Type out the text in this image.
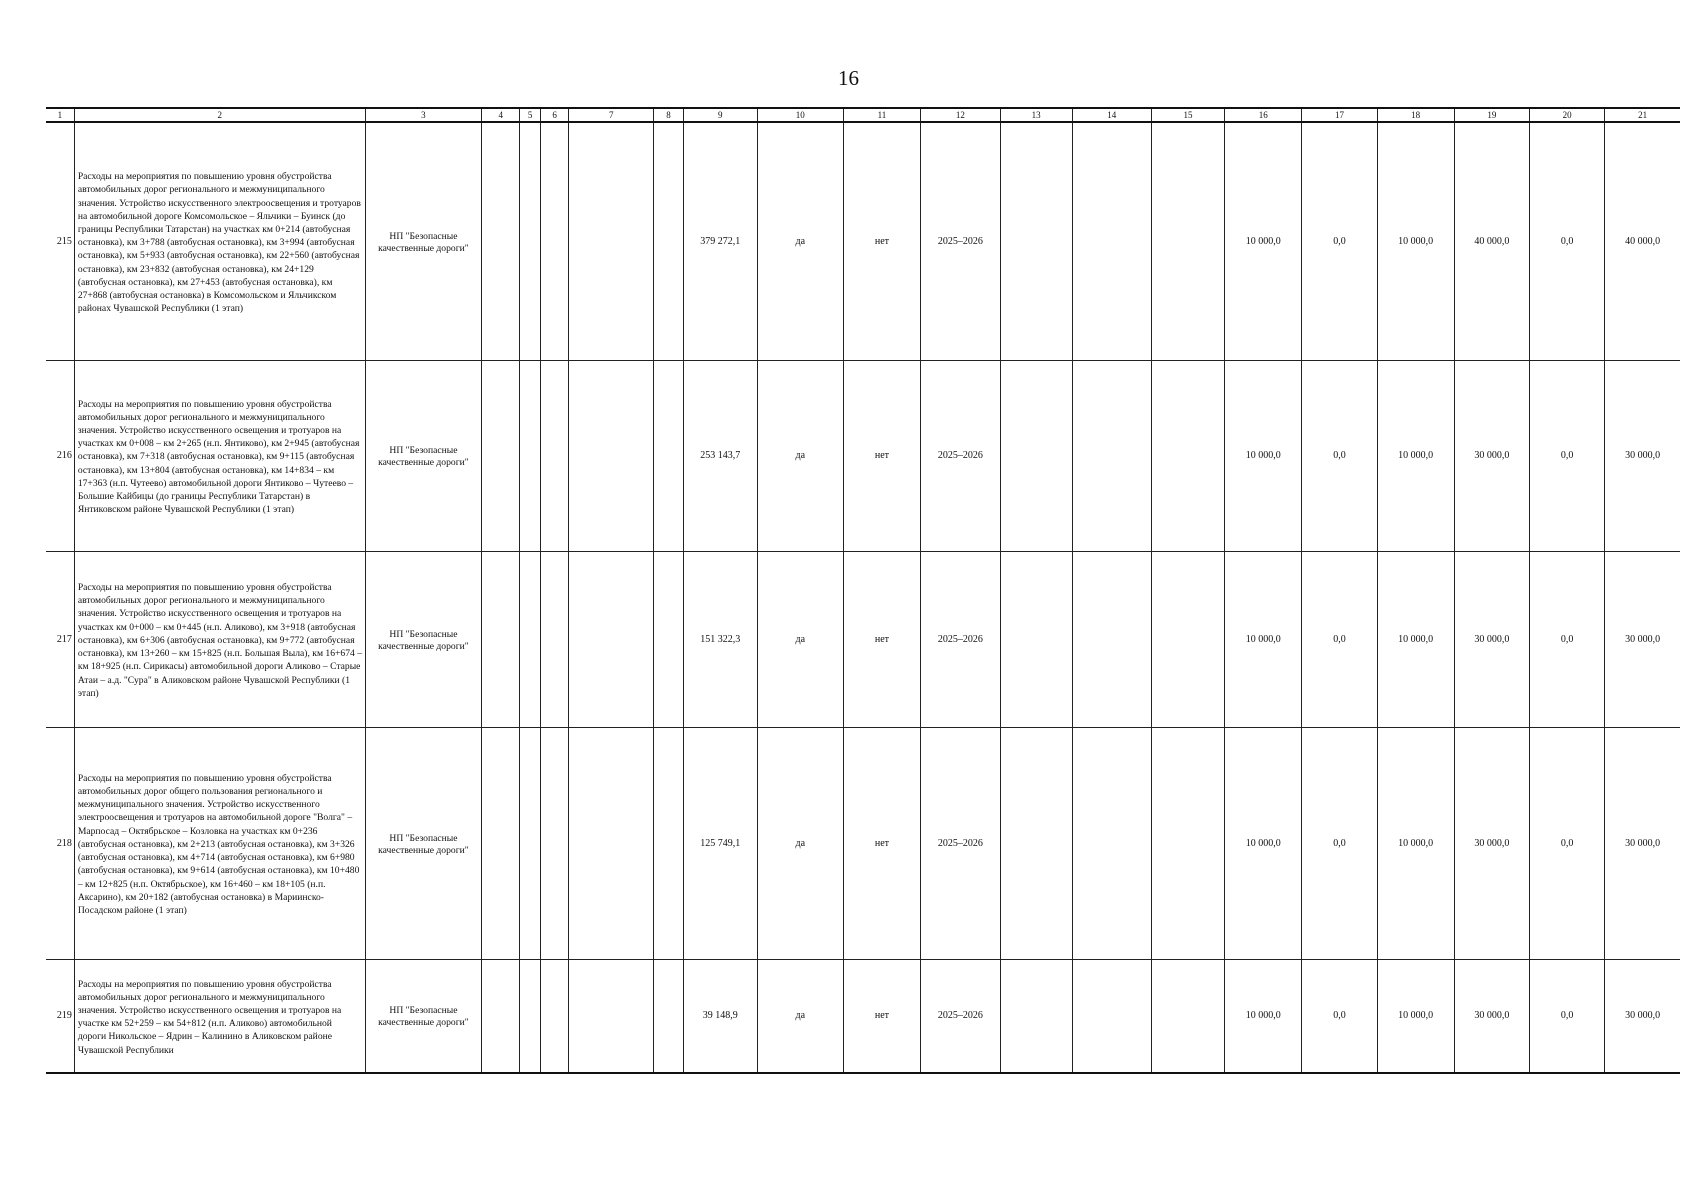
16
1	2	3	4	5	6	7	8	9	10	11	12	13	14	15	16	17	18	19	20	21
215	Расходы на мероприятия по повышению уровня обустройства автомобильных дорог регионального и межмуниципального значения. Устройство искусственного электроосвещения и тротуаров на автомобильной дороге Комсомольское – Яльчики – Буинск (до границы Республики Татарстан) на участках км 0+214 (автобусная остановка), км 3+788 (автобусная остановка), км 3+994 (автобусная остановка), км 5+933 (автобусная остановка), км 22+560 (автобусная остановка), км 23+832 (автобусная остановка), км 24+129 (автобусная остановка), км 27+453 (автобусная остановка), км 27+868 (автобусная остановка) в Комсомольском и Яльчикском районах Чувашской Республики (1 этап)	НП "Безопасные качественные дороги"						379 272,1	да	нет	2025–2026				10 000,0	0,0	10 000,0	40 000,0	0,0	40 000,0
216	Расходы на мероприятия по повышению уровня обустройства автомобильных дорог регионального и межмуниципального значения. Устройство искусственного освещения и тротуаров на участках км 0+008 – км 2+265 (н.п. Янтиково), км 2+945 (автобусная остановка), км 7+318 (автобусная остановка), км 9+115 (автобусная остановка), км 13+804 (автобусная остановка), км 14+834 – км 17+363 (н.п. Чутеево) автомобильной дороги Янтиково – Чутеево – Большие Кайбицы (до границы Республики Татарстан) в Янтиковском районе Чувашской Республики (1 этап)	НП "Безопасные качественные дороги"						253 143,7	да	нет	2025–2026				10 000,0	0,0	10 000,0	30 000,0	0,0	30 000,0
217	Расходы на мероприятия по повышению уровня обустройства автомобильных дорог регионального и межмуниципального значения. Устройство искусственного освещения и тротуаров на участках км 0+000 – км 0+445 (н.п. Аликово), км 3+918 (автобусная остановка), км 6+306 (автобусная остановка), км 9+772 (автобусная остановка), км 13+260 – км 15+825 (н.п. Большая Выла), км 16+674 – км 18+925 (н.п. Сирикасы) автомобильной дороги Аликово – Старые Атаи – а.д. "Сура" в Аликовском районе Чувашской Республики (1 этап)	НП "Безопасные качественные дороги"						151 322,3	да	нет	2025–2026				10 000,0	0,0	10 000,0	30 000,0	0,0	30 000,0
218	Расходы на мероприятия по повышению уровня обустройства автомобильных дорог общего пользования регионального и межмуниципального значения. Устройство искусственного электроосвещения и тротуаров на автомобильной дороге "Волга" – Марпосад – Октябрьское – Козловка на участках км 0+236 (автобусная остановка), км 2+213 (автобусная остановка), км 3+326 (автобусная остановка), км 4+714 (автобусная остановка), км 6+980 (автобусная остановка), км 9+614 (автобусная остановка), км 10+480 – км 12+825 (н.п. Октябрьское), км 16+460 – км 18+105 (н.п. Аксарино), км 20+182 (автобусная остановка) в Мариинско-Посадском районе (1 этап)	НП "Безопасные качественные дороги"						125 749,1	да	нет	2025–2026				10 000,0	0,0	10 000,0	30 000,0	0,0	30 000,0
219	Расходы на мероприятия по повышению уровня обустройства автомобильных дорог регионального и межмуниципального значения. Устройство искусственного освещения и тротуаров на участке км 52+259 – км 54+812 (н.п. Аликово) автомобильной дороги Никольское – Ядрин – Калинино в Аликовском районе Чувашской Республики	НП "Безопасные качественные дороги"						39 148,9	да	нет	2025–2026				10 000,0	0,0	10 000,0	30 000,0	0,0	30 000,0
